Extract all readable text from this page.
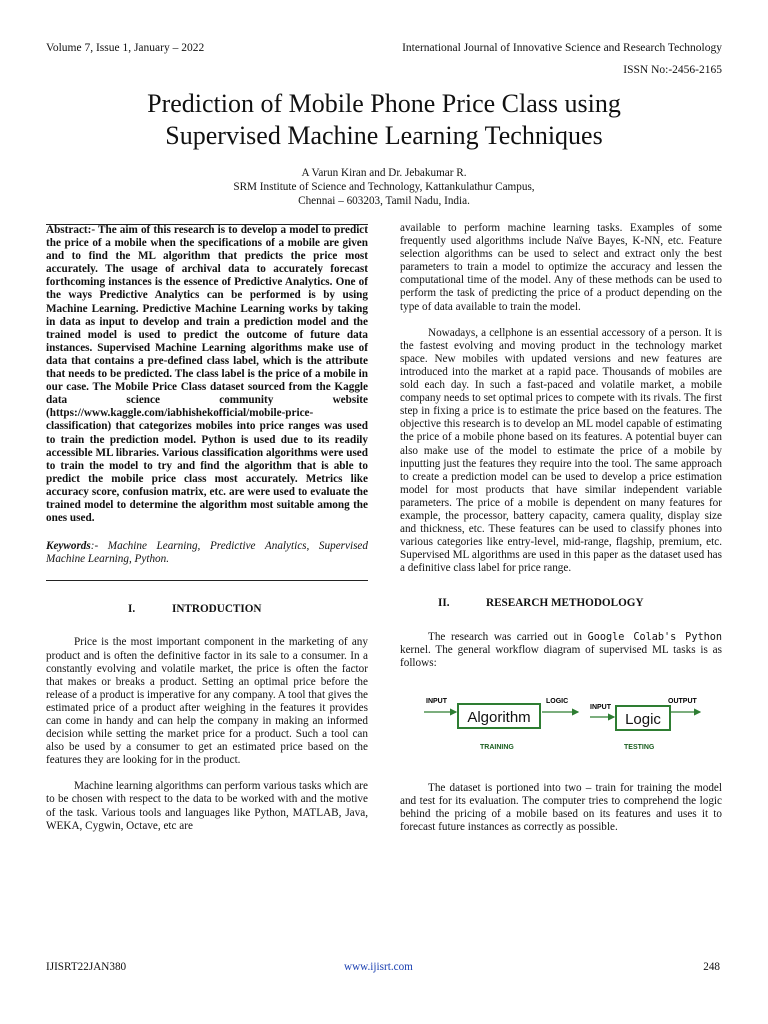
Volume 7, Issue 1, January – 2022	International Journal of Innovative Science and Research Technology
ISSN No:-2456-2165
Prediction of Mobile Phone Price Class using
Supervised Machine Learning Techniques
A Varun Kiran and Dr. Jebakumar R.
SRM Institute of Science and Technology, Kattankulathur Campus,
Chennai – 603203, Tamil Nadu, India.

Abstract:- The aim of this research is to develop a model to predict the price of a mobile when the specifications of a mobile are given and to find the ML algorithm that predicts the price most accurately. The usage of archival data to accurately forecast forthcoming instances is the essence of Predictive Analytics. One of the ways Predictive Analytics can be performed is by using Machine Learning. Predictive Machine Learning works by taking in data as input to develop and train a prediction model and the trained model is used to predict the outcome of future data instances. Supervised Machine Learning algorithms make use of data that contains a pre-defined class label, which is the attribute that needs to be predicted. The class label is the price of a mobile in our case. The Mobile Price Class dataset sourced from the Kaggle data science community website (https://www.kaggle.com/iabhishekofficial/mobile-price-classification) that categorizes mobiles into price ranges was used to train the prediction model. Python is used due to its readily accessible ML libraries. Various classification algorithms were used to train the model to try and find the algorithm that is able to predict the mobile price class most accurately. Metrics like accuracy score, confusion matrix, etc. are were used to evaluate the trained model to determine the algorithm most suitable among the ones used.

Keywords:- Machine Learning, Predictive Analytics, Supervised Machine Learning, Python.

I.	INTRODUCTION

Price is the most important component in the marketing of any product and is often the definitive factor in its sale to a consumer. In a constantly evolving and volatile market, the price is often the factor that makes or breaks a product. Setting an optimal price before the release of a product is imperative for any company. A tool that gives the estimated price of a product after weighing in the features it provides can come in handy and can help the company in making an informed decision while setting the market price for a product. Such a tool can also be used by a consumer to get an estimated price based on the features they are looking for in the product.

Machine learning algorithms can perform various tasks which are to be chosen with respect to the data to be worked with and the motive of the task. Various tools and languages like Python, MATLAB, Java, WEKA, Cygwin, Octave, etc are

available to perform machine learning tasks. Examples of some frequently used algorithms include Naïve Bayes, K-NN, etc. Feature selection algorithms can be used to select and extract only the best parameters to train a model to optimize the accuracy and lessen the computational time of the model. Any of these methods can be used to perform the task of predicting the price of a product depending on the type of data available to train the model.

Nowadays, a cellphone is an essential accessory of a person. It is the fastest evolving and moving product in the technology market space. New mobiles with updated versions and new features are introduced into the market at a rapid pace. Thousands of mobiles are sold each day. In such a fast-paced and volatile market, a mobile company needs to set optimal prices to compete with its rivals. The first step in fixing a price is to estimate the price based on the features. The objective this research is to develop an ML model capable of estimating the price of a mobile phone based on its features. A potential buyer can also make use of the model to estimate the price of a mobile by inputting just the features they require into the tool. The same approach to create a prediction model can be used to develop a price estimation model for most products that have similar independent variable parameters. The price of a mobile is dependent on many features for example, the processor, battery capacity, camera quality, display size and thickness, etc. These features can be used to classify phones into various categories like entry-level, mid-range, flagship, premium, etc. Supervised ML algorithms are used in this paper as the dataset used has a definitive class label for price range.

II.	RESEARCH METHODOLOGY

The research was carried out in Google Colab's Python kernel. The general workflow diagram of supervised ML tasks is as follows:

INPUT
Algorithm
LOGIC
INPUT
Logic
OUTPUT
TRAINING	TESTING

The dataset is portioned into two – train for training the model and test for its evaluation. The computer tries to comprehend the logic behind the pricing of a mobile based on its features and uses it to forecast future instances as correctly as possible.

IJISRT22JAN380	www.ijisrt.com	248
